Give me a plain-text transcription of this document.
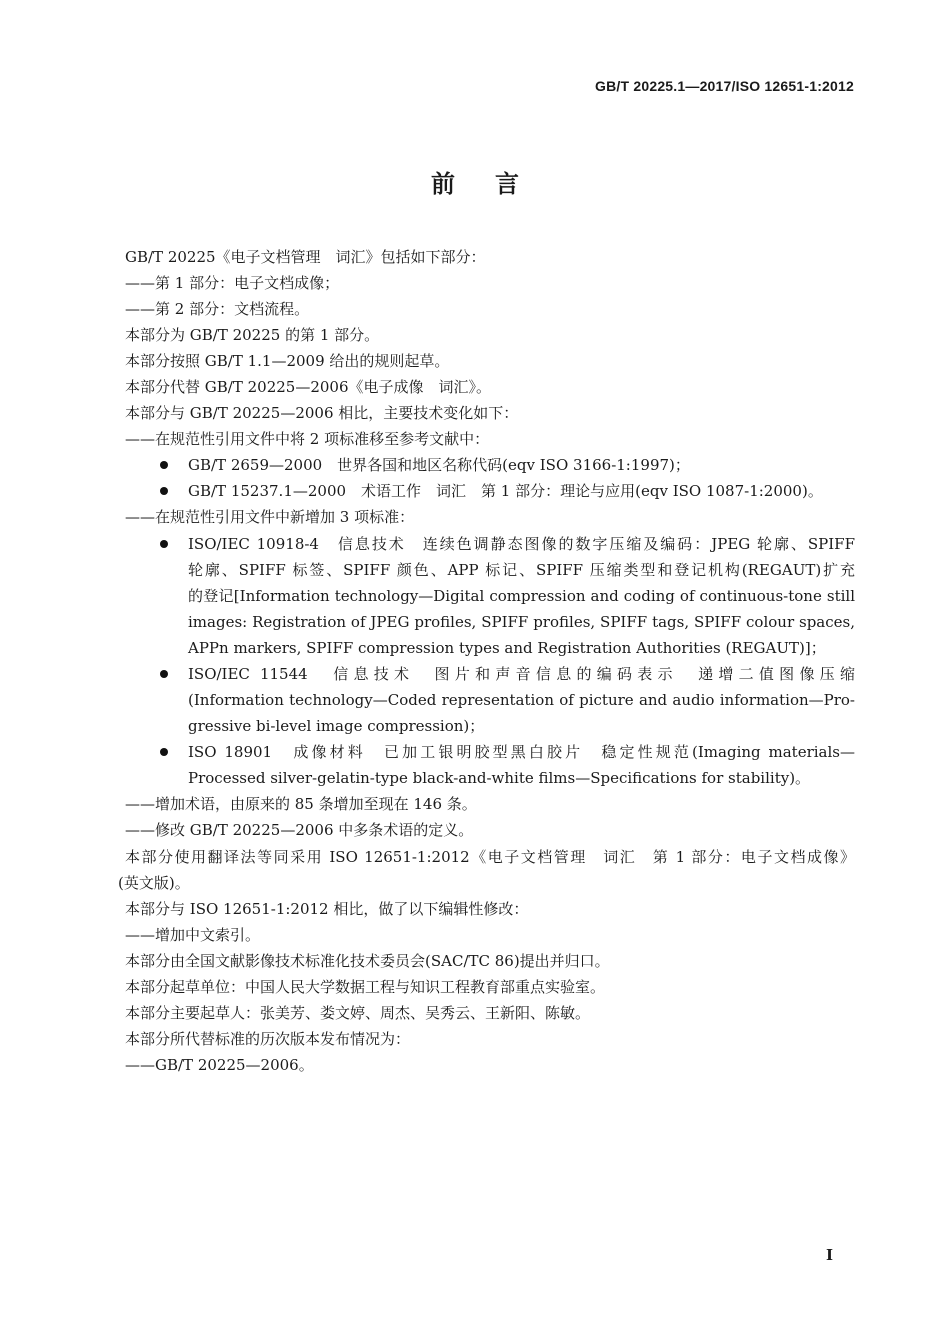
GB/T 20225.1—2017/ISO 12651-1:2012
前言
GB/T 20225《电子文档管理　词汇》包括如下部分：
——第 1 部分：电子文档成像；
——第 2 部分：文档流程。
本部分为 GB/T 20225 的第 1 部分。
本部分按照 GB/T 1.1—2009 给出的规则起草。
本部分代替 GB/T 20225—2006《电子成像　词汇》。
本部分与 GB/T 20225—2006 相比，主要技术变化如下：
——在规范性引用文件中将 2 项标准移至参考文献中：
GB/T 2659—2000　世界各国和地区名称代码(eqv ISO 3166-1:1997)；
GB/T 15237.1—2000　术语工作　词汇　第 1 部分：理论与应用(eqv ISO 1087-1:2000)。
——在规范性引用文件中新增加 3 项标准：
ISO/IEC 10918-4　信息技术　连续色调静态图像的数字压缩及编码：JPEG 轮廓、SPIFF
轮廓、SPIFF 标签、SPIFF 颜色、APP 标记、SPIFF 压缩类型和登记机构(REGAUT)扩充
的登记[Information technology—Digital compression and coding of continuous-tone still
images: Registration of JPEG profiles, SPIFF profiles, SPIFF tags, SPIFF colour spaces,
APPn markers, SPIFF compression types and Registration Authorities (REGAUT)]；
ISO/IEC 11544　信息技术　图片和声音信息的编码表示　递增二值图像压缩
(Information technology—Coded representation of picture and audio information—Pro-
gressive bi-level image compression)；
ISO 18901　成像材料　已加工银明胶型黑白胶片　稳定性规范(Imaging materials—
Processed silver-gelatin-type black-and-white films—Specifications for stability)。
——增加术语，由原来的 85 条增加至现在 146 条。
——修改 GB/T 20225—2006 中多条术语的定义。
本部分使用翻译法等同采用 ISO 12651-1:2012《电子文档管理　词汇　第 1 部分：电子文档成像》
(英文版)。
本部分与 ISO 12651-1:2012 相比，做了以下编辑性修改：
——增加中文索引。
本部分由全国文献影像技术标准化技术委员会(SAC/TC 86)提出并归口。
本部分起草单位：中国人民大学数据工程与知识工程教育部重点实验室。
本部分主要起草人：张美芳、娄文婷、周杰、吴秀云、王新阳、陈敏。
本部分所代替标准的历次版本发布情况为：
——GB/T 20225—2006。
I
